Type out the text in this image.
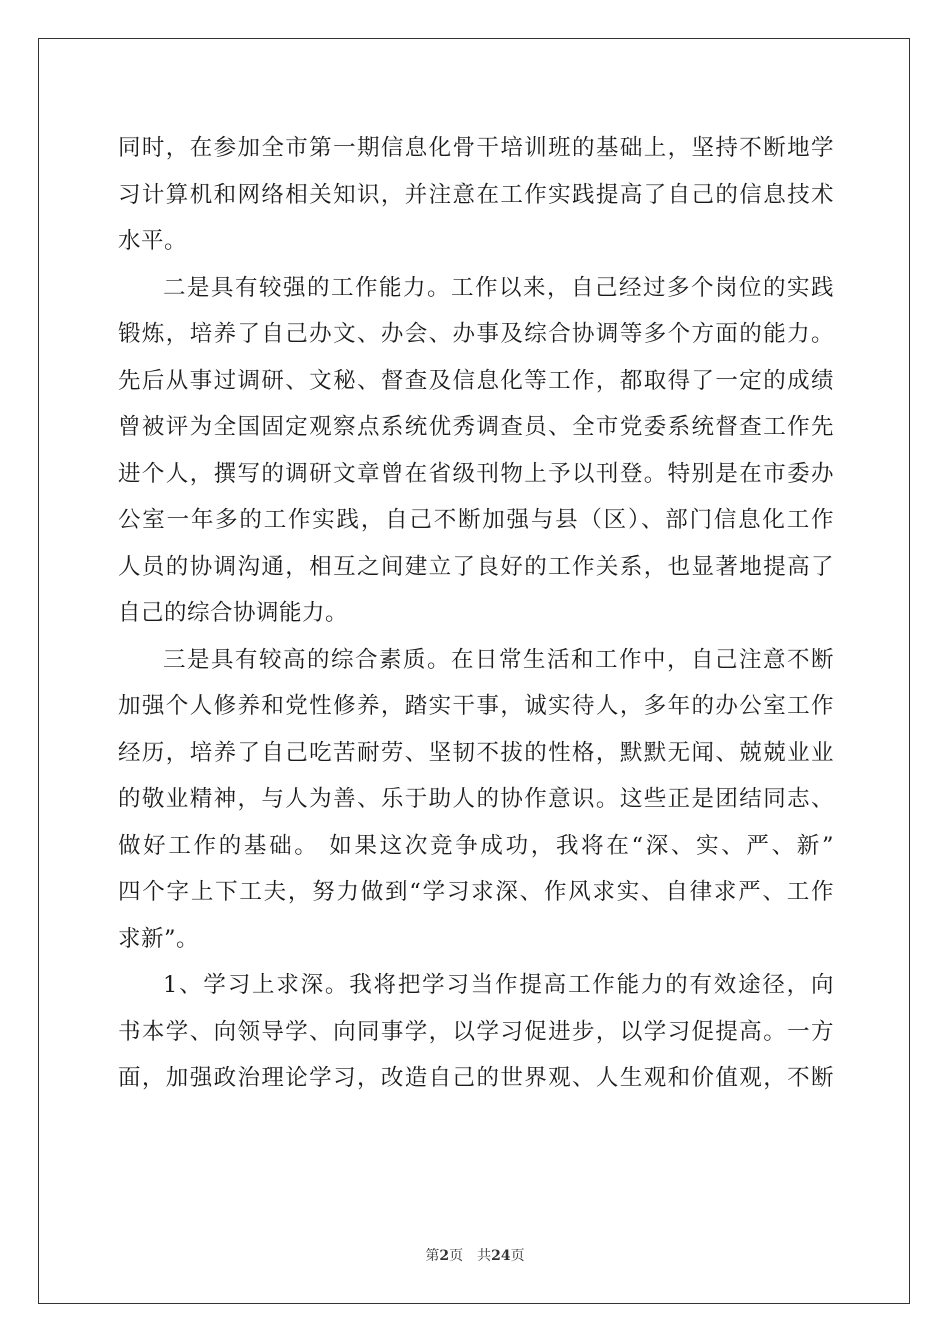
同时，在参加全市第一期信息化骨干培训班的基础上，坚持不断地学
习计算机和网络相关知识，并注意在工作实践提高了自己的信息技术
水平。
二是具有较强的工作能力。工作以来，自己经过多个岗位的实践
锻炼，培养了自己办文、办会、办事及综合协调等多个方面的能力。
先后从事过调研、文秘、督查及信息化等工作，都取得了一定的成绩
曾被评为全国固定观察点系统优秀调查员、全市党委系统督查工作先
进个人，撰写的调研文章曾在省级刊物上予以刊登。特别是在市委办
公室一年多的工作实践，自己不断加强与县（区）、部门信息化工作
人员的协调沟通，相互之间建立了良好的工作关系，也显著地提高了
自己的综合协调能力。
三是具有较高的综合素质。在日常生活和工作中，自己注意不断
加强个人修养和党性修养，踏实干事，诚实待人，多年的办公室工作
经历，培养了自己吃苦耐劳、坚韧不拔的性格，默默无闻、兢兢业业
的敬业精神，与人为善、乐于助人的协作意识。这些正是团结同志、
做好工作的基础。 如果这次竞争成功，我将在“深、实、严、新”
四个字上下工夫，努力做到“学习求深、作风求实、自律求严、工作
求新”。
1、学习上求深。我将把学习当作提高工作能力的有效途径，向
书本学、向领导学、向同事学，以学习促进步，以学习促提高。一方
面，加强政治理论学习，改造自己的世界观、人生观和价值观，不断
第2页 共24页
